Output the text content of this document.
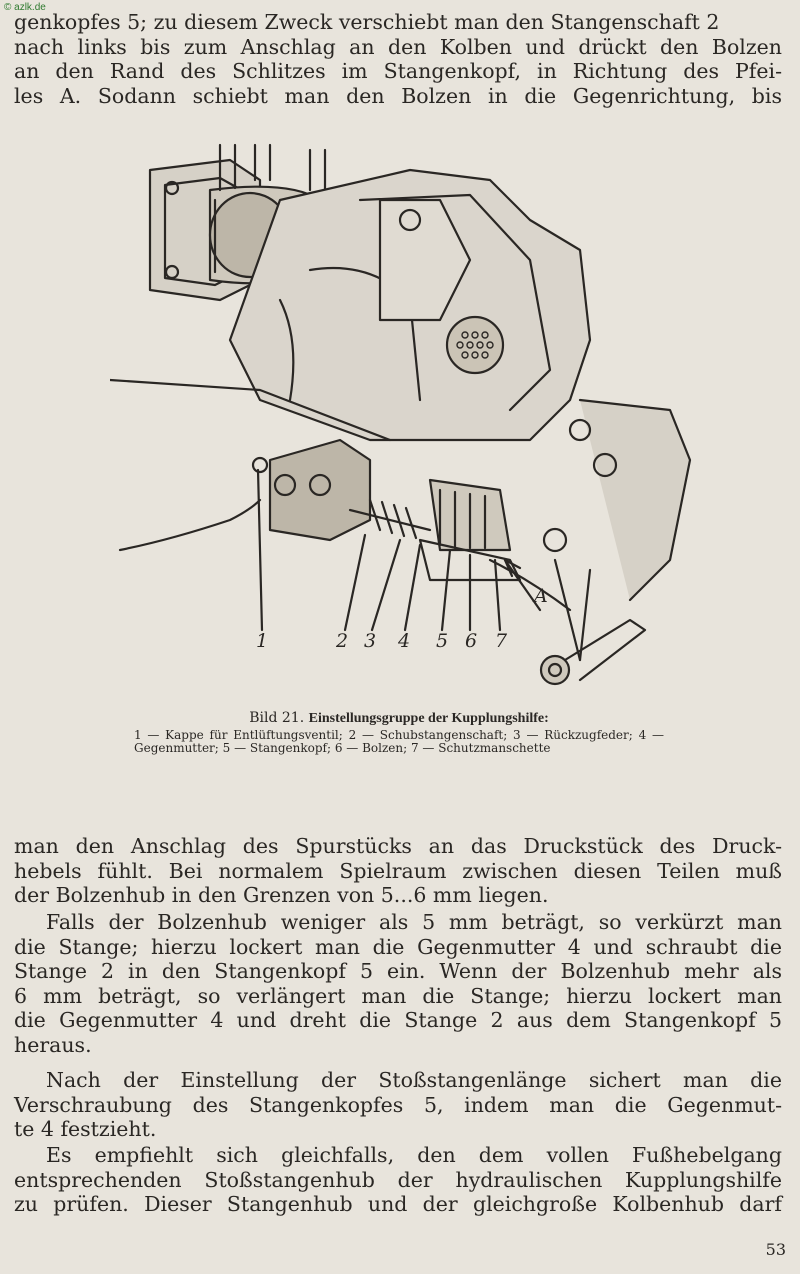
© azlk.de

genkopfes 5; zu diesem Zweck verschiebt man den Stangenschaft 2
nach links bis zum Anschlag an den Kolben und drückt den Bolzen
an den Rand des Schlitzes im Stangenkopf, in Richtung des Pfei-
les A. Sodann schiebt man den Bolzen in die Gegenrichtung, bis

1	2 3 4 5 6 7
A
Bild 21. Einstellungsgruppe der Kupplungshilfe:
1 — Kappe für Entlüftungsventil; 2 — Schubstangenschaft; 3 — Rückzugfeder; 4 — Gegenmutter; 5 — Stangenkopf; 6 — Bolzen; 7 — Schutzmanschette

man den Anschlag des Spurstücks an das Druckstück des Druck-
hebels fühlt. Bei normalem Spielraum zwischen diesen Teilen muß
der Bolzenhub in den Grenzen von 5...6 mm liegen.

Falls der Bolzenhub weniger als 5 mm beträgt, so verkürzt man
die Stange; hierzu lockert man die Gegenmutter 4 und schraubt die
Stange 2 in den Stangenkopf 5 ein. Wenn der Bolzenhub mehr als
6 mm beträgt, so verlängert man die Stange; hierzu lockert man
die Gegenmutter 4 und dreht die Stange 2 aus dem Stangenkopf 5
heraus.

Nach der Einstellung der Stoßstangenlänge sichert man die
Verschraubung des Stangenkopfes 5, indem man die Gegenmut-
te 4 festzieht.

Es empfiehlt sich gleichfalls, den dem vollen Fußhebelgang
entsprechenden Stoßstangenhub der hydraulischen Kupplungshilfe
zu prüfen. Dieser Stangenhub und der gleichgroße Kolbenhub darf

53
